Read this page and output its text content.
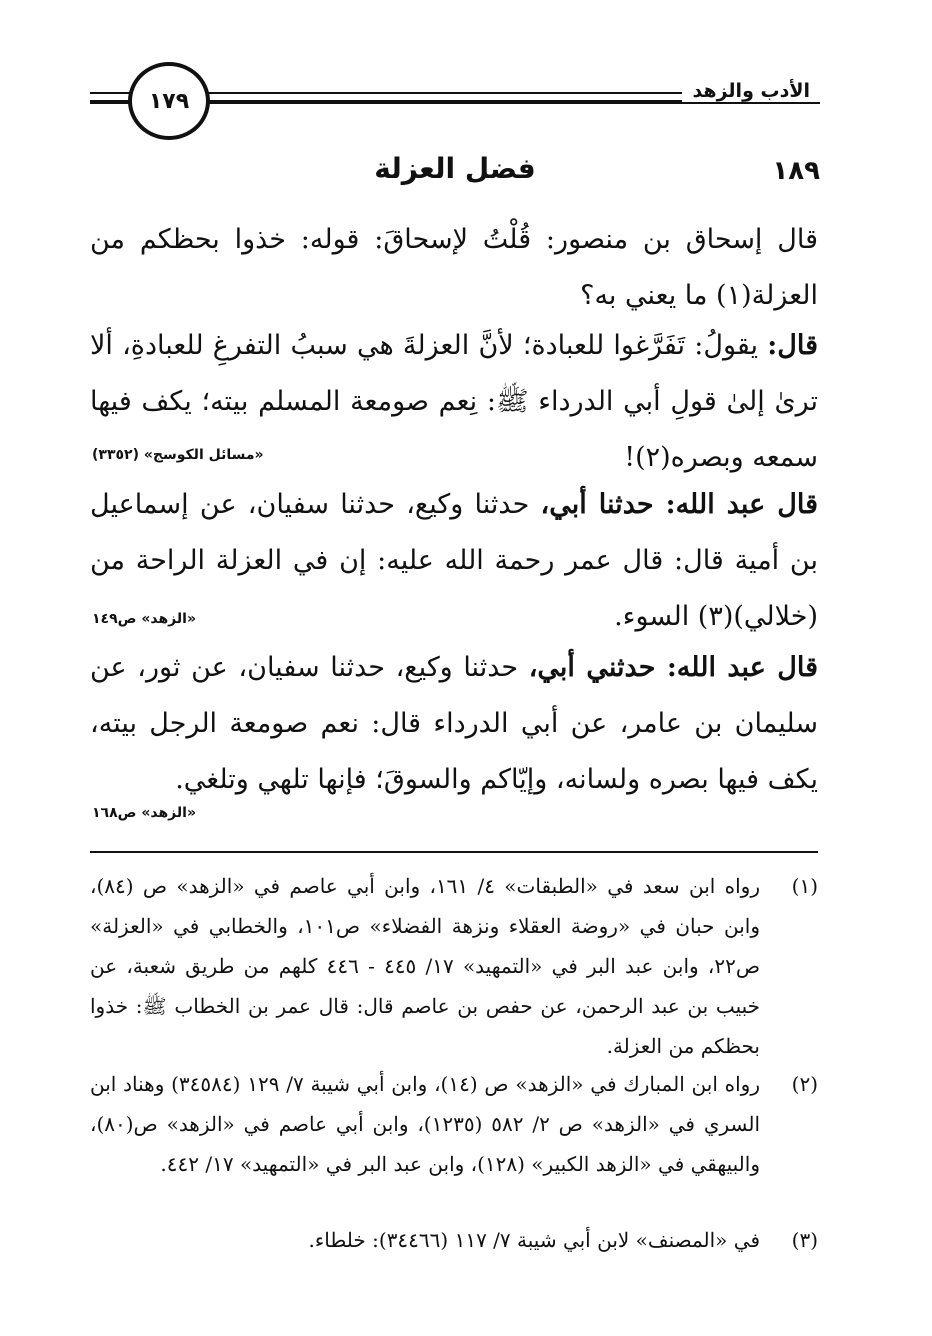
الأدب والزهد
١٧٩
١٨٩
فضل العزلة
قال إسحاق بن منصور: قُلْتُ لإسحاقَ: قوله: خذوا بحظكم من العزلة(١) ما يعني به؟
قال: يقولُ: تَفَرَّغوا للعبادة؛ لأنَّ العزلةَ هي سببُ التفرغِ للعبادةِ، ألا ترىٰ إلىٰ قولِ أبي الدرداء ﷺ: نِعم صومعة المسلم بيته؛ يكف فيها سمعه وبصره(٢)!
«مسائل الكوسج» (٣٣٥٢)
قال عبد الله: حدثنا أبي، حدثنا وكيع، حدثنا سفيان، عن إسماعيل بن أمية قال: قال عمر رحمة الله عليه: إن في العزلة الراحة من (خلالي)(٣) السوء.
«الزهد» ص١٤٩
قال عبد الله: حدثني أبي، حدثنا وكيع، حدثنا سفيان، عن ثور، عن سليمان بن عامر، عن أبي الدرداء قال: نعم صومعة الرجل بيته، يكف فيها بصره ولسانه، وإيّاكم والسوقَ؛ فإنها تلهي وتلغي.
«الزهد» ص١٦٨
(١)
رواه ابن سعد في «الطبقات» ٤/ ١٦١، وابن أبي عاصم في «الزهد» ص (٨٤)، وابن حبان في «روضة العقلاء ونزهة الفضلاء» ص١٠١، والخطابي في «العزلة» ص٢٢، وابن عبد البر في «التمهيد» ١٧/ ٤٤٥ - ٤٤٦ كلهم من طريق شعبة، عن خبيب بن عبد الرحمن، عن حفص بن عاصم قال: قال عمر بن الخطاب ﷺ: خذوا بحظكم من العزلة.
(٢)
رواه ابن المبارك في «الزهد» ص (١٤)، وابن أبي شيبة ٧/ ١٢٩ (٣٤٥٨٤) وهناد ابن السري في «الزهد» ص ٢/ ٥٨٢ (١٢٣٥)، وابن أبي عاصم في «الزهد» ص(٨٠)، والبيهقي في «الزهد الكبير» (١٢٨)، وابن عبد البر في «التمهيد» ١٧/ ٤٤٢.
(٣)
في «المصنف» لابن أبي شيبة ٧/ ١١٧ (٣٤٤٦٦): خلطاء.
